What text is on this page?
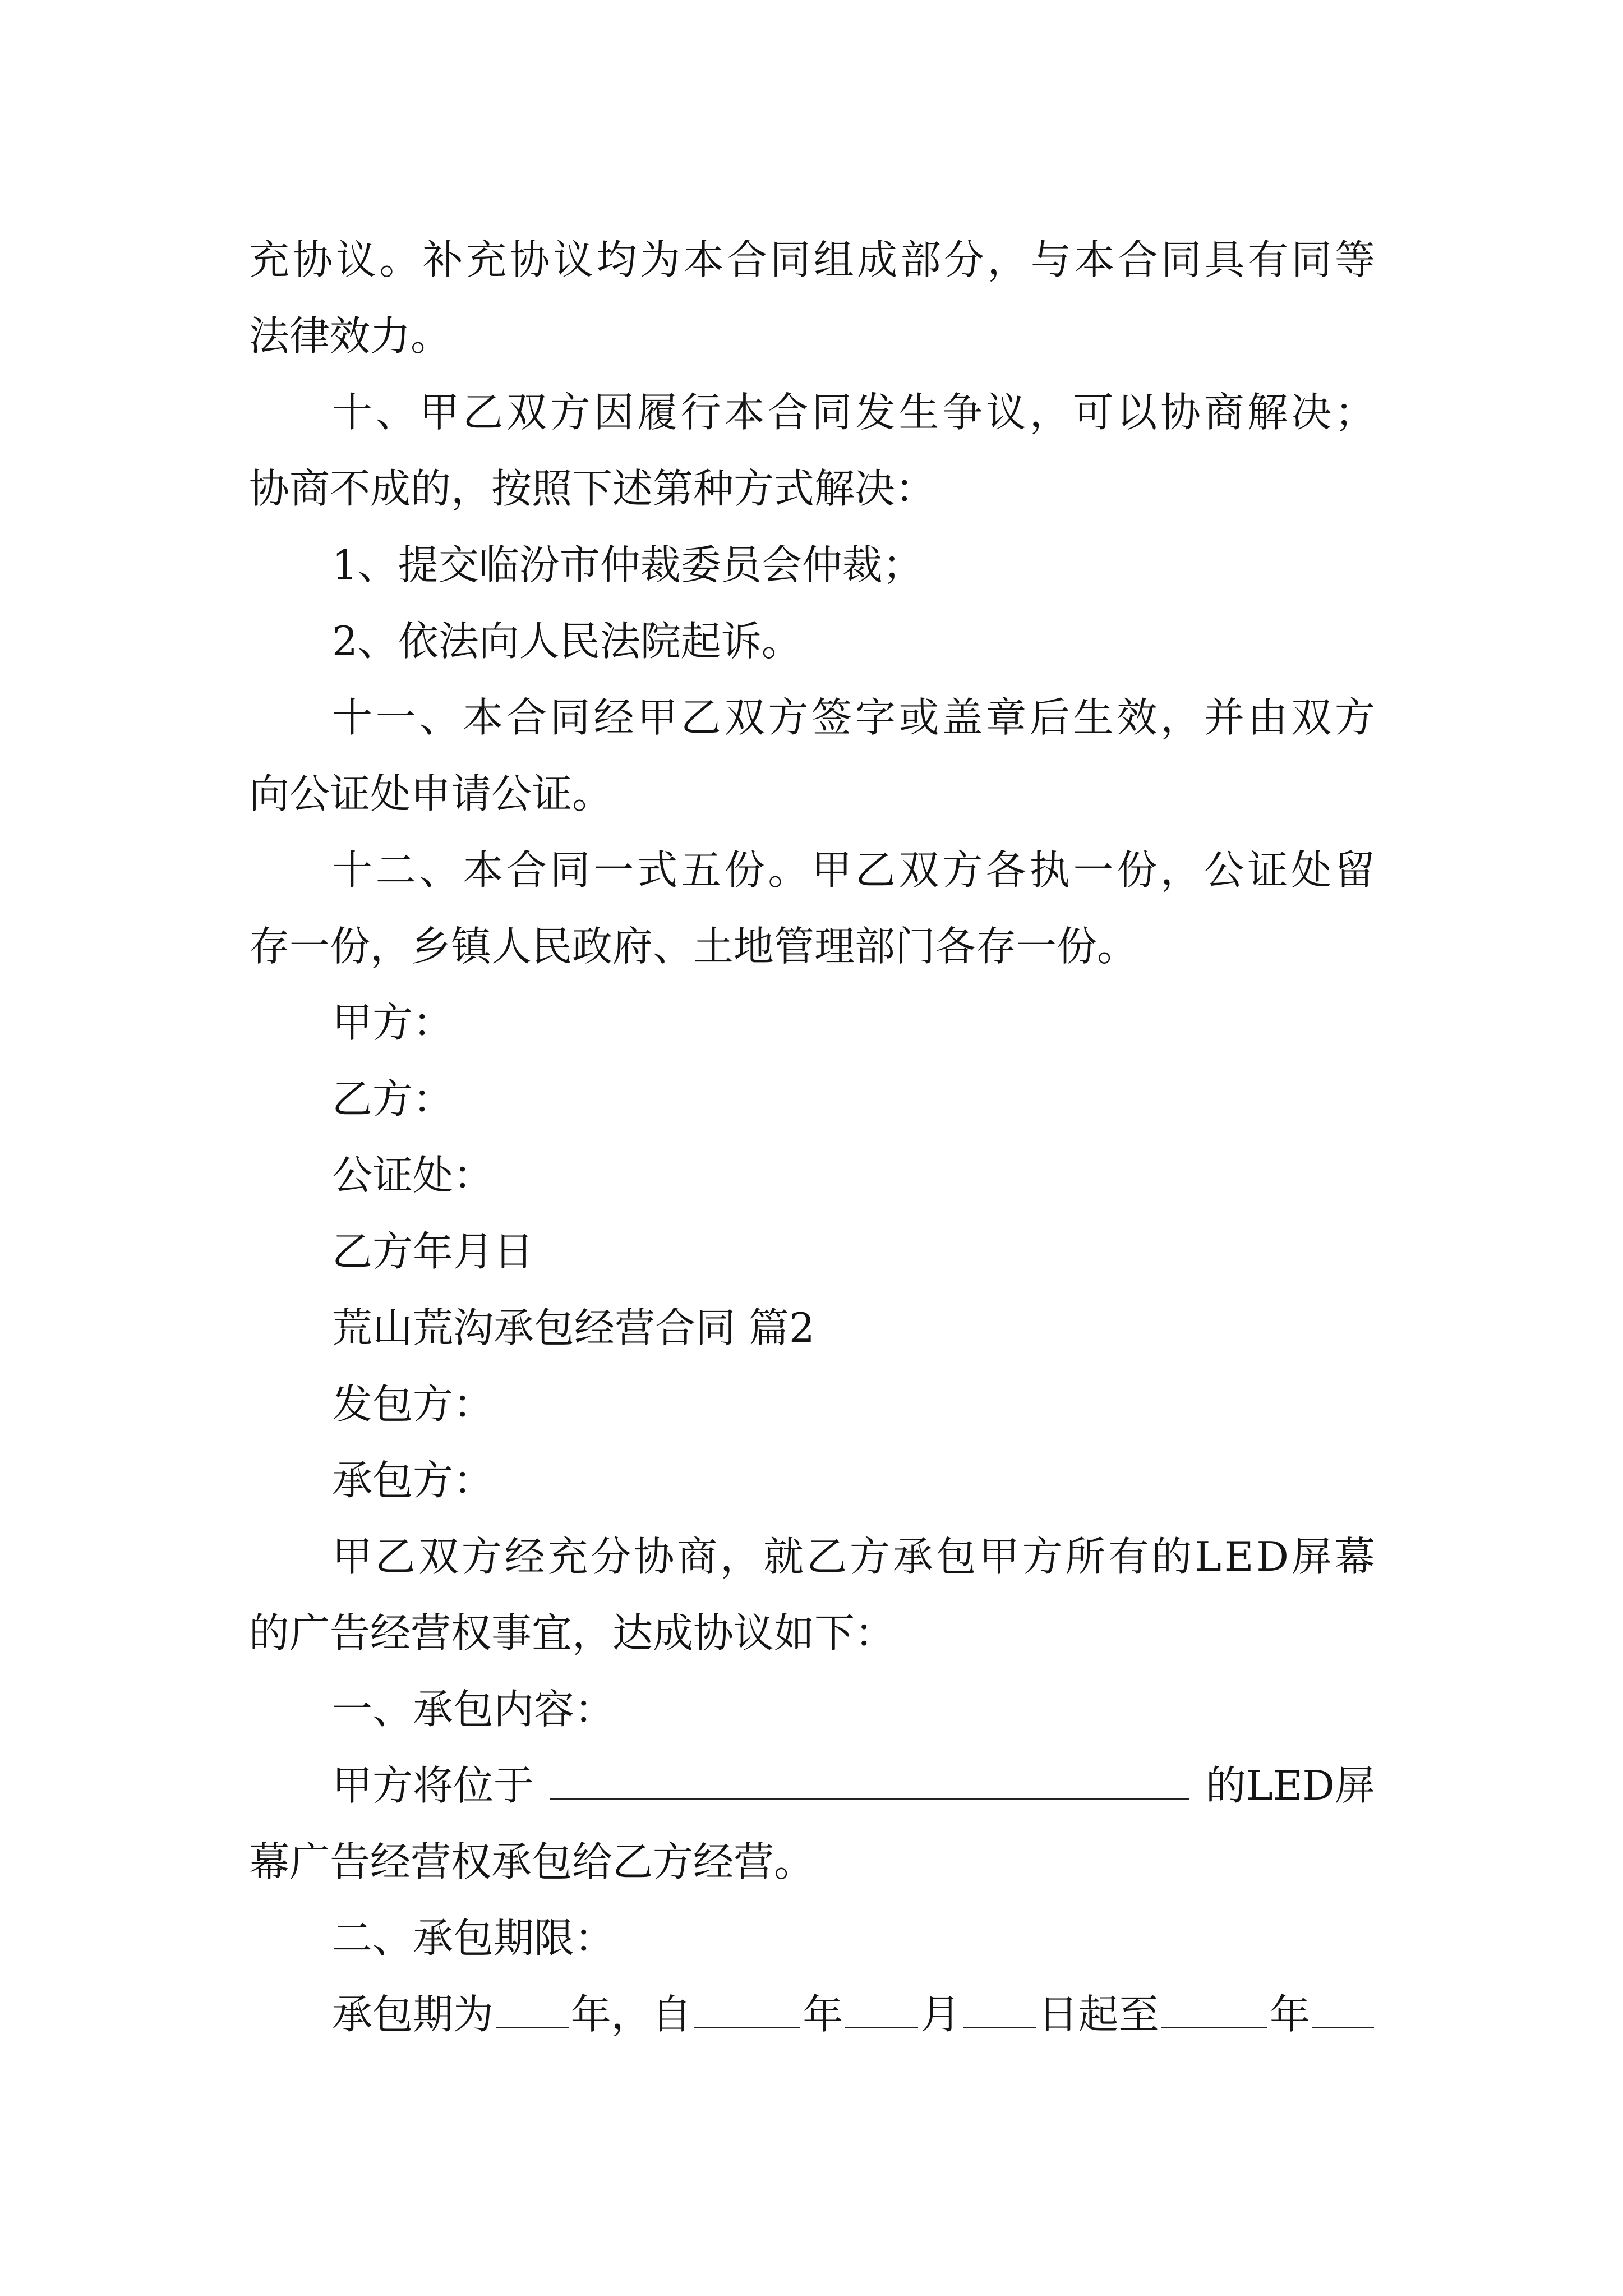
充 协 议 。 补 充 协 议 均 为 本 合 同 组 成 部 分 ， 与 本 合 同 具 有 同 等
法律效力。
十 、 甲 乙 双 方 因 履 行 本 合 同 发 生 争 议 ， 可 以 协 商 解 决 ；
协商不成的，按照下述第种方式解决：
1、提交临汾市仲裁委员会仲裁；
2、依法向人民法院起诉。
十 一 、 本 合 同 经 甲 乙 双 方 签 字 或 盖 章 后 生 效 ， 并 由 双 方
向公证处申请公证。
十 二 、 本 合 同 一 式 五 份 。 甲 乙 双 方 各 执 一 份 ， 公 证 处 留
存一份，乡镇人民政府、土地管理部门各存一份。
甲方：
乙方：
公证处：
乙方年月日
荒山荒沟承包经营合同 篇2
发包方：
承包方：
甲 乙 双 方 经 充 分 协 商 ， 就 乙 方 承 包 甲 方 所 有 的 L E D 屏 幕
的广告经营权事宜，达成协议如下：
一、承包内容：
甲方将位于	的LED屏
幕广告经营权承包给乙方经营。
二、承包期限：
承包期为 年，自	年 月 日起至	年
